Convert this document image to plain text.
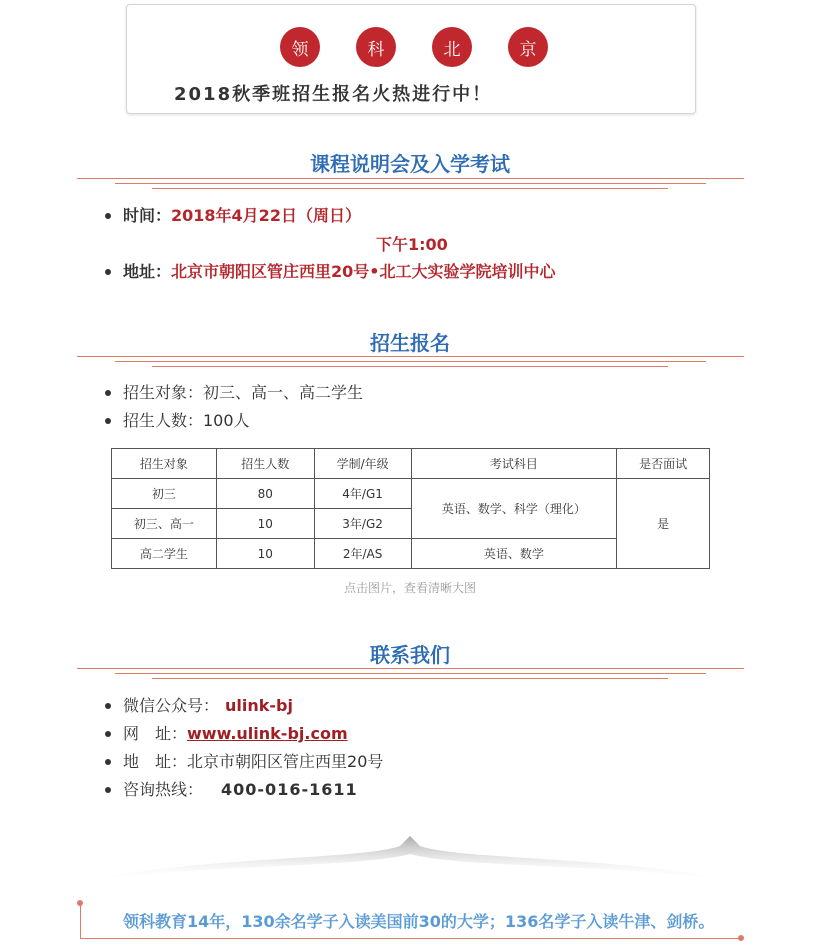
领	科	北	京
2018秋季班招生报名火热进行中！
课程说明会及入学考试
时间：2018年4月22日（周日）
地址：北京市朝阳区管庄西里20号•北工大实验学院培训中心
下午1:00
招生报名
招生对象：初三、高一、高二学生
招生人数：100人
招生对象	招生人数	学制/年级	考试科目	是否面试
初三	80	4年/G1	英语、数学、科学（理化）	是
初三、高一	10	3年/G2		
高二学生	10	2年/AS	英语、数学	
点击图片，查看清晰大图
联系我们
微信公众号： ulink-bj
网　址：www.ulink-bj.com
地　址：北京市朝阳区管庄西里20号
咨询热线： 400-016-1611
领科教育14年，130余名学子入读美国前30的大学；136名学子入读牛津、剑桥。
